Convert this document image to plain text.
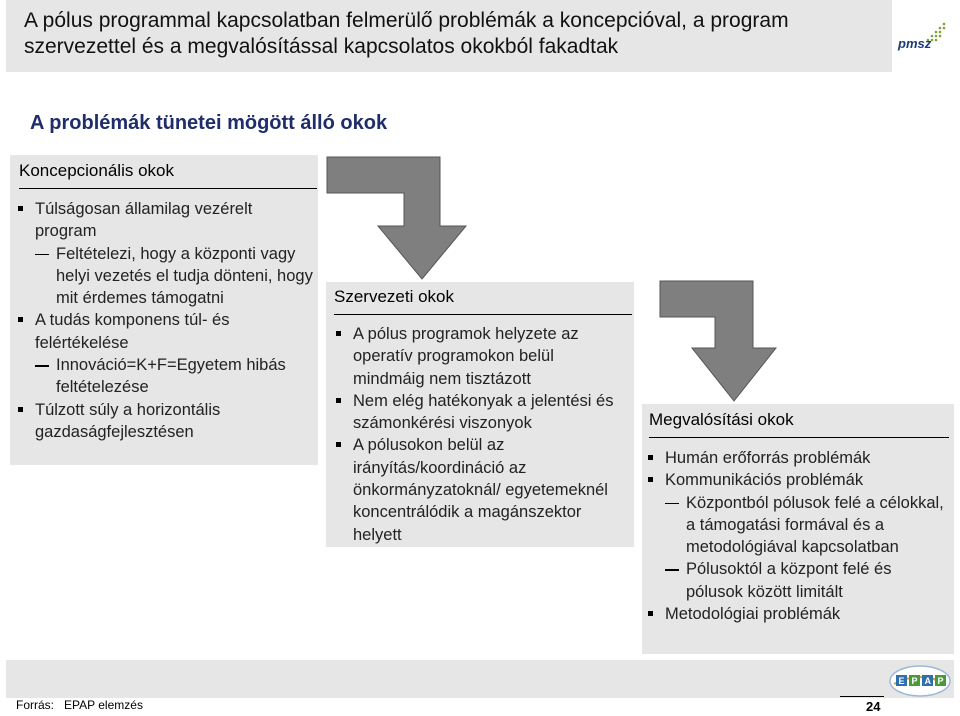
A pólus programmal kapcsolatban felmerülő problémák a koncepcióval, a program
szervezettel és a megvalósítással kapcsolatos okokból fakadtak	pmsz
A problémák tünetei mögött álló okok
Koncepcionális okok
Túlságosan államilag vezérelt program
Feltételezi, hogy a központi vagy helyi vezetés el tudja dönteni, hogy mit érdemes támogatni
A tudás komponens túl- és felértékelése
Innováció=K+F=Egyetem hibás feltételezése
Túlzott súly a horizontális gazdaságfejlesztésen
Szervezeti okok
A pólus programok helyzete az operatív programokon belül mindmáig nem tisztázott
Nem elég hatékonyak a jelentési és számonkérési viszonyok
A pólusokon belül az irányítás/koordináció az önkormányzatoknál/ egyetemeknél koncentrálódik a magánszektor helyett
Megvalósítási okok
Humán erőforrás problémák
Kommunikációs problémák
Központból pólusok felé a célokkal, a támogatási formával és a metodológiával kapcsolatban
Pólusoktól a központ felé és pólusok között limitált
Metodológiai problémák
Forrás: EPAP elemzés	24
E P A P
